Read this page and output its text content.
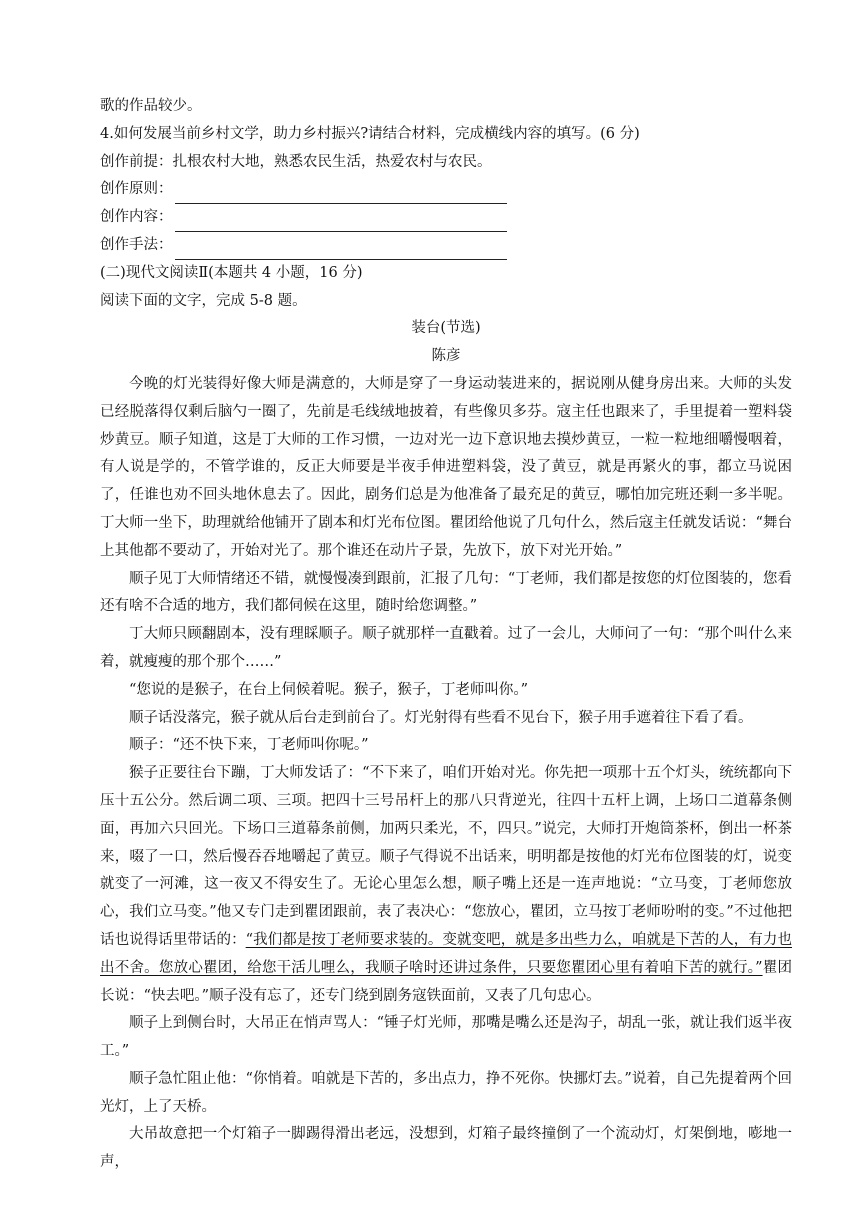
歌的作品较少。
4.如何发展当前乡村文学，助力乡村振兴?请结合材料，完成横线内容的填写。(6 分)
创作前提：扎根农村大地，熟悉农民生活，热爱农村与农民。
创作原则：
创作内容：
创作手法：
(二)现代文阅读Ⅱ(本题共 4 小题，16 分)
阅读下面的文字，完成 5-8 题。
装台(节选)
陈彦

今晚的灯光装得好像大师是满意的，大师是穿了一身运动装进来的，据说刚从健身房出来。大师的头发已经脱落得仅剩后脑勺一圈了，先前是毛线绒地披着，有些像贝多芬。寇主任也跟来了，手里提着一塑料袋炒黄豆。顺子知道，这是丁大师的工作习惯，一边对光一边下意识地去摸炒黄豆，一粒一粒地细嚼慢咽着，有人说是学的，不管学谁的，反正大师要是半夜手伸进塑料袋，没了黄豆，就是再紧火的事，都立马说困了，任谁也劝不回头地休息去了。因此，剧务们总是为他准备了最充足的黄豆，哪怕加完班还剩一多半呢。丁大师一坐下，助理就给他铺开了剧本和灯光布位图。瞿团给他说了几句什么，然后寇主任就发话说：“舞台上其他都不要动了，开始对光了。那个谁还在动片子景，先放下，放下对光开始。”

顺子见丁大师情绪还不错，就慢慢凑到跟前，汇报了几句：“丁老师，我们都是按您的灯位图装的，您看还有啥不合适的地方，我们都伺候在这里，随时给您调整。”

丁大师只顾翻剧本，没有理睬顺子。顺子就那样一直戳着。过了一会儿，大师问了一句：“那个叫什么来着，就瘦瘦的那个那个……”

“您说的是猴子，在台上伺候着呢。猴子，猴子，丁老师叫你。”

顺子话没落完，猴子就从后台走到前台了。灯光射得有些看不见台下，猴子用手遮着往下看了看。

顺子：“还不快下来，丁老师叫你呢。”

猴子正要往台下蹦，丁大师发话了：“不下来了，咱们开始对光。你先把一项那十五个灯头，统统都向下压十五公分。然后调二项、三项。把四十三号吊杆上的那八只背逆光，往四十五杆上调，上场口二道幕条侧面，再加六只回光。下场口三道幕条前侧，加两只柔光，不，四只。”说完，大师打开炮筒茶杯，倒出一杯茶来，啜了一口，然后慢吞吞地嚼起了黄豆。顺子气得说不出话来，明明都是按他的灯光布位图装的灯，说变就变了一河滩，这一夜又不得安生了。无论心里怎么想，顺子嘴上还是一连声地说：“立马变，丁老师您放心，我们立马变。”他又专门走到瞿团跟前，表了表决心：“您放心，瞿团，立马按丁老师吩咐的变。”不过他把话也说得话里带话的：“我们都是按丁老师要求装的。变就变吧，就是多出些力么，咱就是下苦的人，有力也出不舍。您放心瞿团，给您干活儿哩么，我顺子啥时还讲过条件，只要您瞿团心里有着咱下苦的就行。”瞿团长说：“快去吧。”顺子没有忘了，还专门绕到剧务寇铁面前，又表了几句忠心。

顺子上到侧台时，大吊正在悄声骂人：“锤子灯光师，那嘴是嘴么还是沟子，胡乱一张，就让我们返半夜工。”

顺子急忙阻止他：“你悄着。咱就是下苦的，多出点力，挣不死你。快挪灯去。”说着，自己先提着两个回光灯，上了天桥。

大吊故意把一个灯箱子一脚踢得滑出老远，没想到，灯箱子最终撞倒了一个流动灯，灯架倒地，嘭地一声，
